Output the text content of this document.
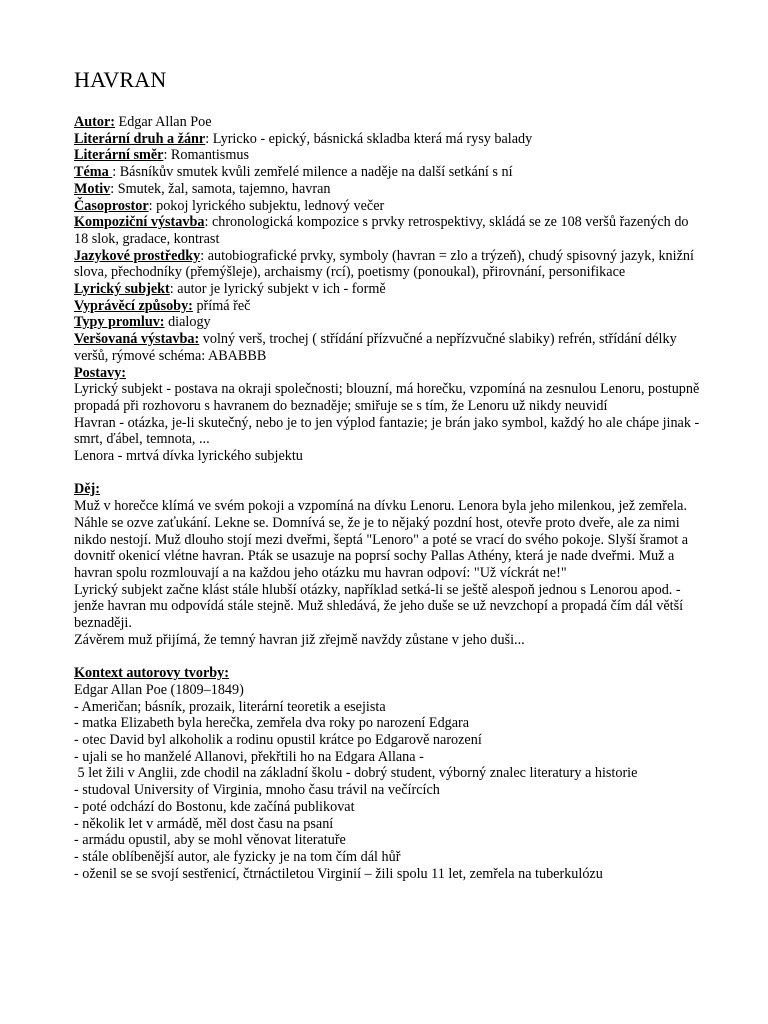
HAVRAN

Autor: Edgar Allan Poe

Literární druh a žánr: Lyricko - epický, básnická skladba která má rysy balady

Literární směr: Romantismus

Téma : Básníkův smutek kvůli zemřelé milence a naděje na další setkání s ní

Motiv: Smutek, žal, samota, tajemno, havran

Časoprostor: pokoj lyrického subjektu, lednový večer

Kompoziční výstavba: chronologická kompozice s prvky retrospektivy, skládá se ze 108 veršů řazených do 18 slok, gradace, kontrast

Jazykové prostředky: autobiografické prvky, symboly (havran = zlo a trýzeň), chudý spisovný jazyk, knižní slova, přechodníky (přemýšleje), archaismy (rcí), poetismy (ponoukal), přirovnání, personifikace

Lyrický subjekt: autor je lyrický subjekt v ich - formě

Vyprávěcí způsoby: přímá řeč

Typy promluv: dialogy

Veršovaná výstavba: volný verš, trochej ( střídání přízvučné a nepřízvučné slabiky) refrén, střídání délky veršů, rýmové schéma: ABABBB

Postavy:

Lyrický subjekt - postava na okraji společnosti; blouzní, má horečku, vzpomíná na zesnulou Lenoru, postupně propadá při rozhovoru s havranem do beznaděje; smiřuje se s tím, že Lenoru už nikdy neuvidí

Havran - otázka, je-li skutečný, nebo je to jen výplod fantazie; je brán jako symbol, každý ho ale chápe jinak - smrt, ďábel, temnota, ...

Lenora - mrtvá dívka lyrického subjektu

Děj:

Muž v horečce klímá ve svém pokoji a vzpomíná na dívku Lenoru. Lenora byla jeho milenkou, jež zemřela. Náhle se ozve zaťukání. Lekne se. Domnívá se, že je to nějaký pozdní host, otevře proto dveře, ale za nimi nikdo nestojí. Muž dlouho stojí mezi dveřmi, šeptá "Lenoro" a poté se vrací do svého pokoje. Slyší šramot a dovnitř okenicí vlétne havran. Pták se usazuje na poprsí sochy Pallas Athény, která je nade dveřmi. Muž a havran spolu rozmlouvají a na každou jeho otázku mu havran odpoví: "Už víckrát ne!"

Lyrický subjekt začne klást stále hlubší otázky, například setká-li se ještě alespoň jednou s Lenorou apod. - jenže havran mu odpovídá stále stejně. Muž shledává, že jeho duše se už nevzchopí a propadá čím dál větší beznaději.

Závěrem muž přijímá, že temný havran již zřejmě navždy zůstane v jeho duši...

Kontext autorovy tvorby:

Edgar Allan Poe (1809–1849)

- Američan; básník, prozaik, literární teoretik a esejista

- matka Elizabeth byla herečka, zemřela dva roky po narození Edgara

- otec David byl alkoholik a rodinu opustil krátce po Edgarově narození

- ujali se ho manželé Allanovi, překřtili ho na Edgara Allana -

5 let žili v Anglii, zde chodil na základní školu - dobrý student, výborný znalec literatury a historie

- studoval University of Virginia, mnoho času trávil na večírcích

- poté odchází do Bostonu, kde začíná publikovat

- několik let v armádě, měl dost času na psaní

- armádu opustil, aby se mohl věnovat literatuře

- stále oblíbenější autor, ale fyzicky je na tom čím dál hůř

- oženil se se svojí sestřenicí, čtrnáctiletou Virginií – žili spolu 11 let, zemřela na tuberkulózu
